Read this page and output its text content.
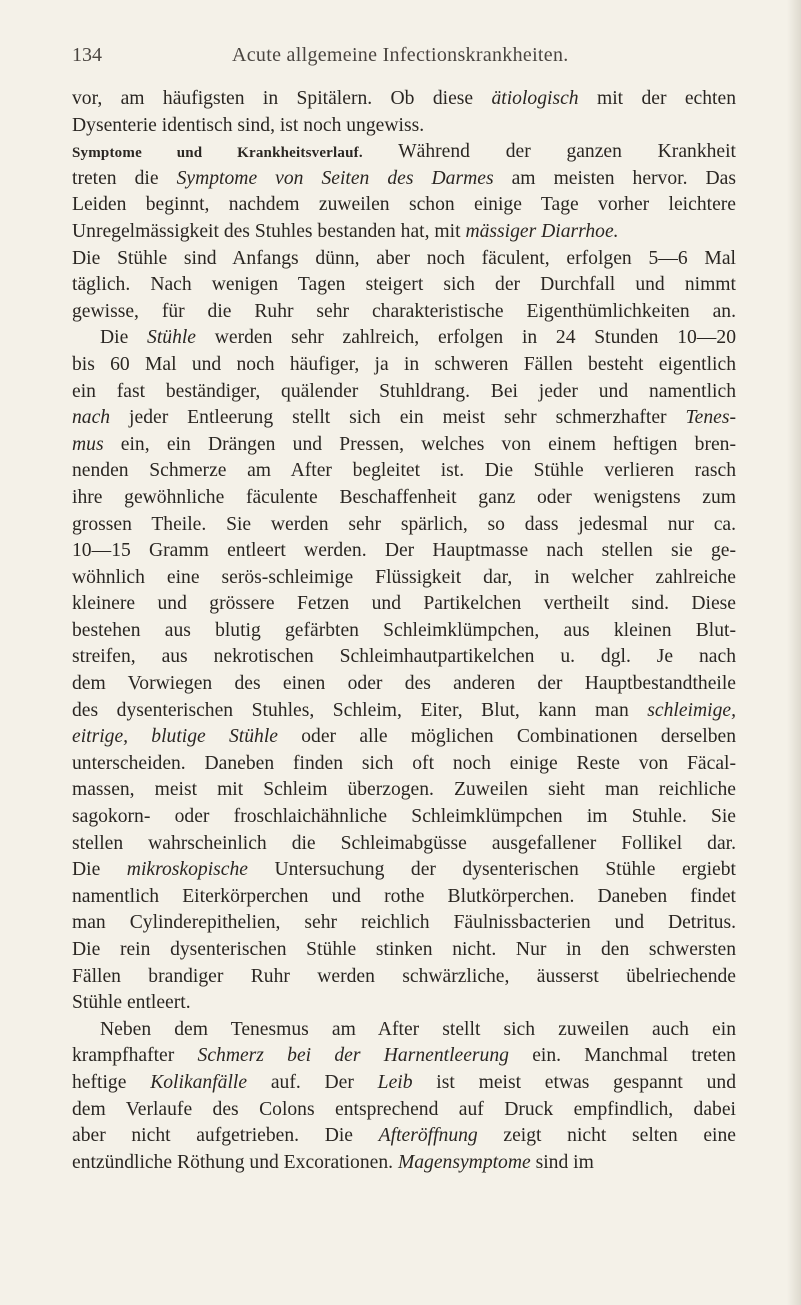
134	Acute allgemeine Infectionskrankheiten.
vor, am häufigsten in Spitälern. Ob diese ätiologisch mit der echten
Dysenterie identisch sind, ist noch ungewiss.
Symptome und Krankheitsverlauf. Während der ganzen Krankheit
treten die Symptome von Seiten des Darmes am meisten hervor. Das
Leiden beginnt, nachdem zuweilen schon einige Tage vorher leichtere
Unregelmässigkeit des Stuhles bestanden hat, mit mässiger Diarrhoe.
Die Stühle sind Anfangs dünn, aber noch fäculent, erfolgen 5—6 Mal
täglich. Nach wenigen Tagen steigert sich der Durchfall und nimmt
gewisse, für die Ruhr sehr charakteristische Eigenthümlichkeiten an.
Die Stühle werden sehr zahlreich, erfolgen in 24 Stunden 10—20
bis 60 Mal und noch häufiger, ja in schweren Fällen besteht eigentlich
ein fast beständiger, quälender Stuhldrang. Bei jeder und namentlich
nach jeder Entleerung stellt sich ein meist sehr schmerzhafter Tenes-
mus ein, ein Drängen und Pressen, welches von einem heftigen bren-
nenden Schmerze am After begleitet ist. Die Stühle verlieren rasch
ihre gewöhnliche fäculente Beschaffenheit ganz oder wenigstens zum
grossen Theile. Sie werden sehr spärlich, so dass jedesmal nur ca.
10—15 Gramm entleert werden. Der Hauptmasse nach stellen sie ge-
wöhnlich eine serös-schleimige Flüssigkeit dar, in welcher zahlreiche
kleinere und grössere Fetzen und Partikelchen vertheilt sind. Diese
bestehen aus blutig gefärbten Schleimklümpchen, aus kleinen Blut-
streifen, aus nekrotischen Schleimhautpartikelchen u. dgl. Je nach
dem Vorwiegen des einen oder des anderen der Hauptbestandtheile
des dysenterischen Stuhles, Schleim, Eiter, Blut, kann man schleimige,
eitrige, blutige Stühle oder alle möglichen Combinationen derselben
unterscheiden. Daneben finden sich oft noch einige Reste von Fäcal-
massen, meist mit Schleim überzogen. Zuweilen sieht man reichliche
sagokorn- oder froschlaichähnliche Schleimklümpchen im Stuhle. Sie
stellen wahrscheinlich die Schleimabgüsse ausgefallener Follikel dar.
Die mikroskopische Untersuchung der dysenterischen Stühle ergiebt
namentlich Eiterkörperchen und rothe Blutkörperchen. Daneben findet
man Cylinderepithelien, sehr reichlich Fäulnissbacterien und Detritus.
Die rein dysenterischen Stühle stinken nicht. Nur in den schwersten
Fällen brandiger Ruhr werden schwärzliche, äusserst übelriechende
Stühle entleert.
Neben dem Tenesmus am After stellt sich zuweilen auch ein
krampfhafter Schmerz bei der Harnentleerung ein. Manchmal treten
heftige Kolikanfälle auf. Der Leib ist meist etwas gespannt und
dem Verlaufe des Colons entsprechend auf Druck empfindlich, dabei
aber nicht aufgetrieben. Die Afteröffnung zeigt nicht selten eine
entzündliche Röthung und Excorationen. Magensymptome sind im
